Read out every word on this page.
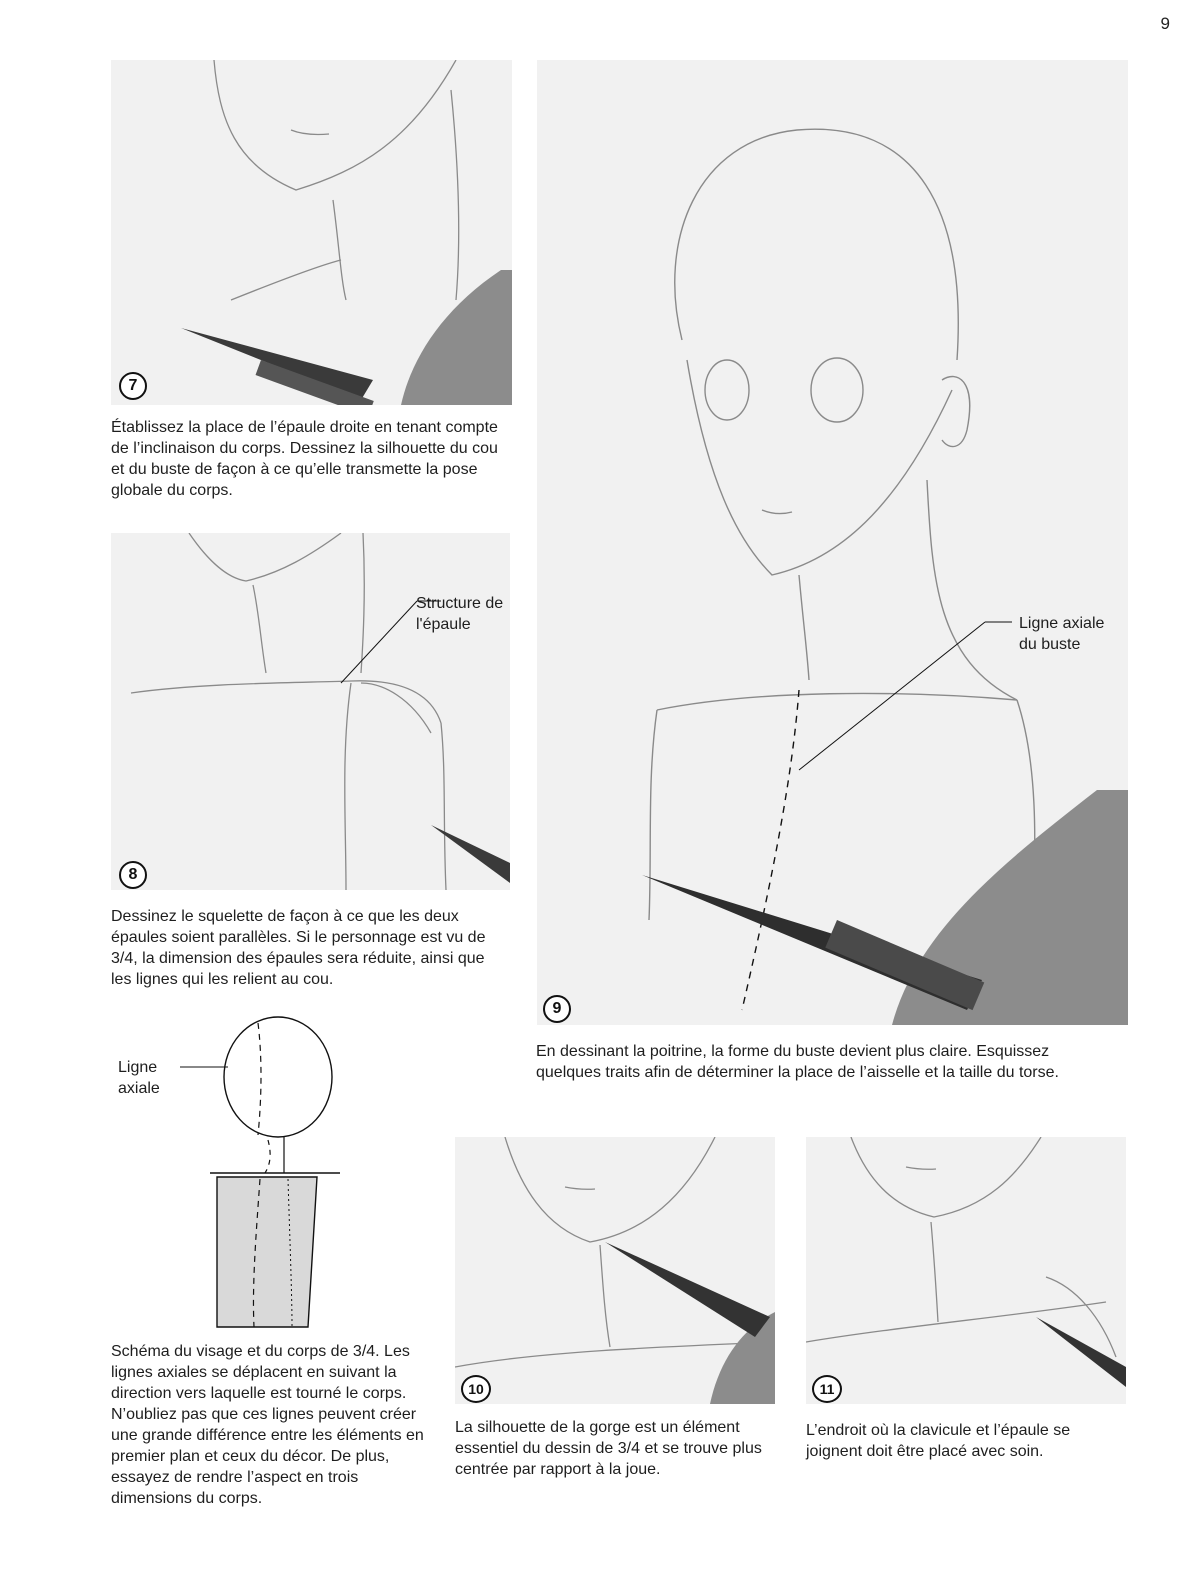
9
7
Établissez la place de l’épaule droite en tenant compte de l’inclinaison du corps. Dessinez la silhouette du cou et du buste de façon à ce qu’elle transmette la pose globale du corps.
8
Structure de l'épaule
Dessinez le squelette de façon à ce que les deux épaules soient parallèles. Si le personnage est vu de 3/4, la dimension des épaules sera réduite, ainsi que les lignes qui les relient au cou.
9
Ligne axiale du buste
En dessinant la poitrine, la forme du buste devient plus claire. Esquissez quelques traits afin de déterminer la place de l’aisselle et la taille du torse.
Ligne axiale
Schéma du visage et du corps de 3/4. Les lignes axiales se déplacent en suivant la direction vers laquelle est tourné le corps. N’oubliez pas que ces lignes peuvent créer une grande différence entre les éléments en premier plan et ceux du décor. De plus, essayez de rendre l’aspect en trois dimensions du corps.
10
La silhouette de la gorge est un élément essentiel du dessin de 3/4 et se trouve plus centrée par rapport à la joue.
11
L’endroit où la clavicule et l’épaule se joignent doit être placé avec soin.
